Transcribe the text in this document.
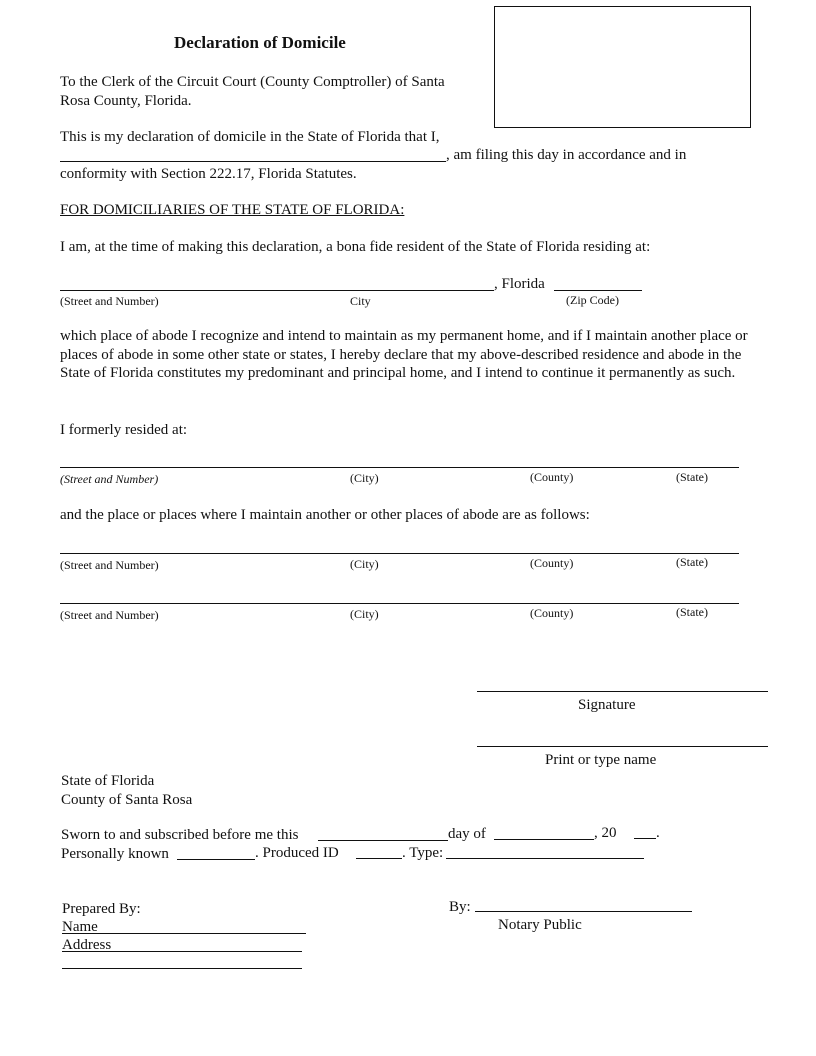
Declaration of Domicile
To the Clerk of the Circuit Court (County Comptroller) of Santa
Rosa County, Florida.
This is my declaration of domicile in the State of Florida that I,
, am filing this day in accordance and in
conformity with Section 222.17, Florida Statutes.
FOR DOMICILIARIES OF THE STATE OF FLORIDA:
I am, at the time of making this declaration, a bona fide resident of the State of Florida residing at:
, Florida
(Street and Number)	City	(Zip Code)
which place of abode I recognize and intend to maintain as my permanent home, and if I maintain another place or places of abode in some other state or states, I hereby declare that my above-described residence and abode in the State of Florida constitutes my predominant and principal home, and I intend to continue it permanently as such.
I formerly resided at:
(Street and Number)	(City)	(County)	(State)
and the place or places where I maintain another or other places of abode are as follows:
(Street and Number)	(City)	(County)	(State)
(Street and Number)	(City)	(County)	(State)
Signature
Print or type name
State of Florida
County of Santa Rosa
Sworn to and subscribed before me this	day of	, 20	.
Personally known	. Produced ID	. Type:
Prepared By:
Name
Address
By:
Notary Public
